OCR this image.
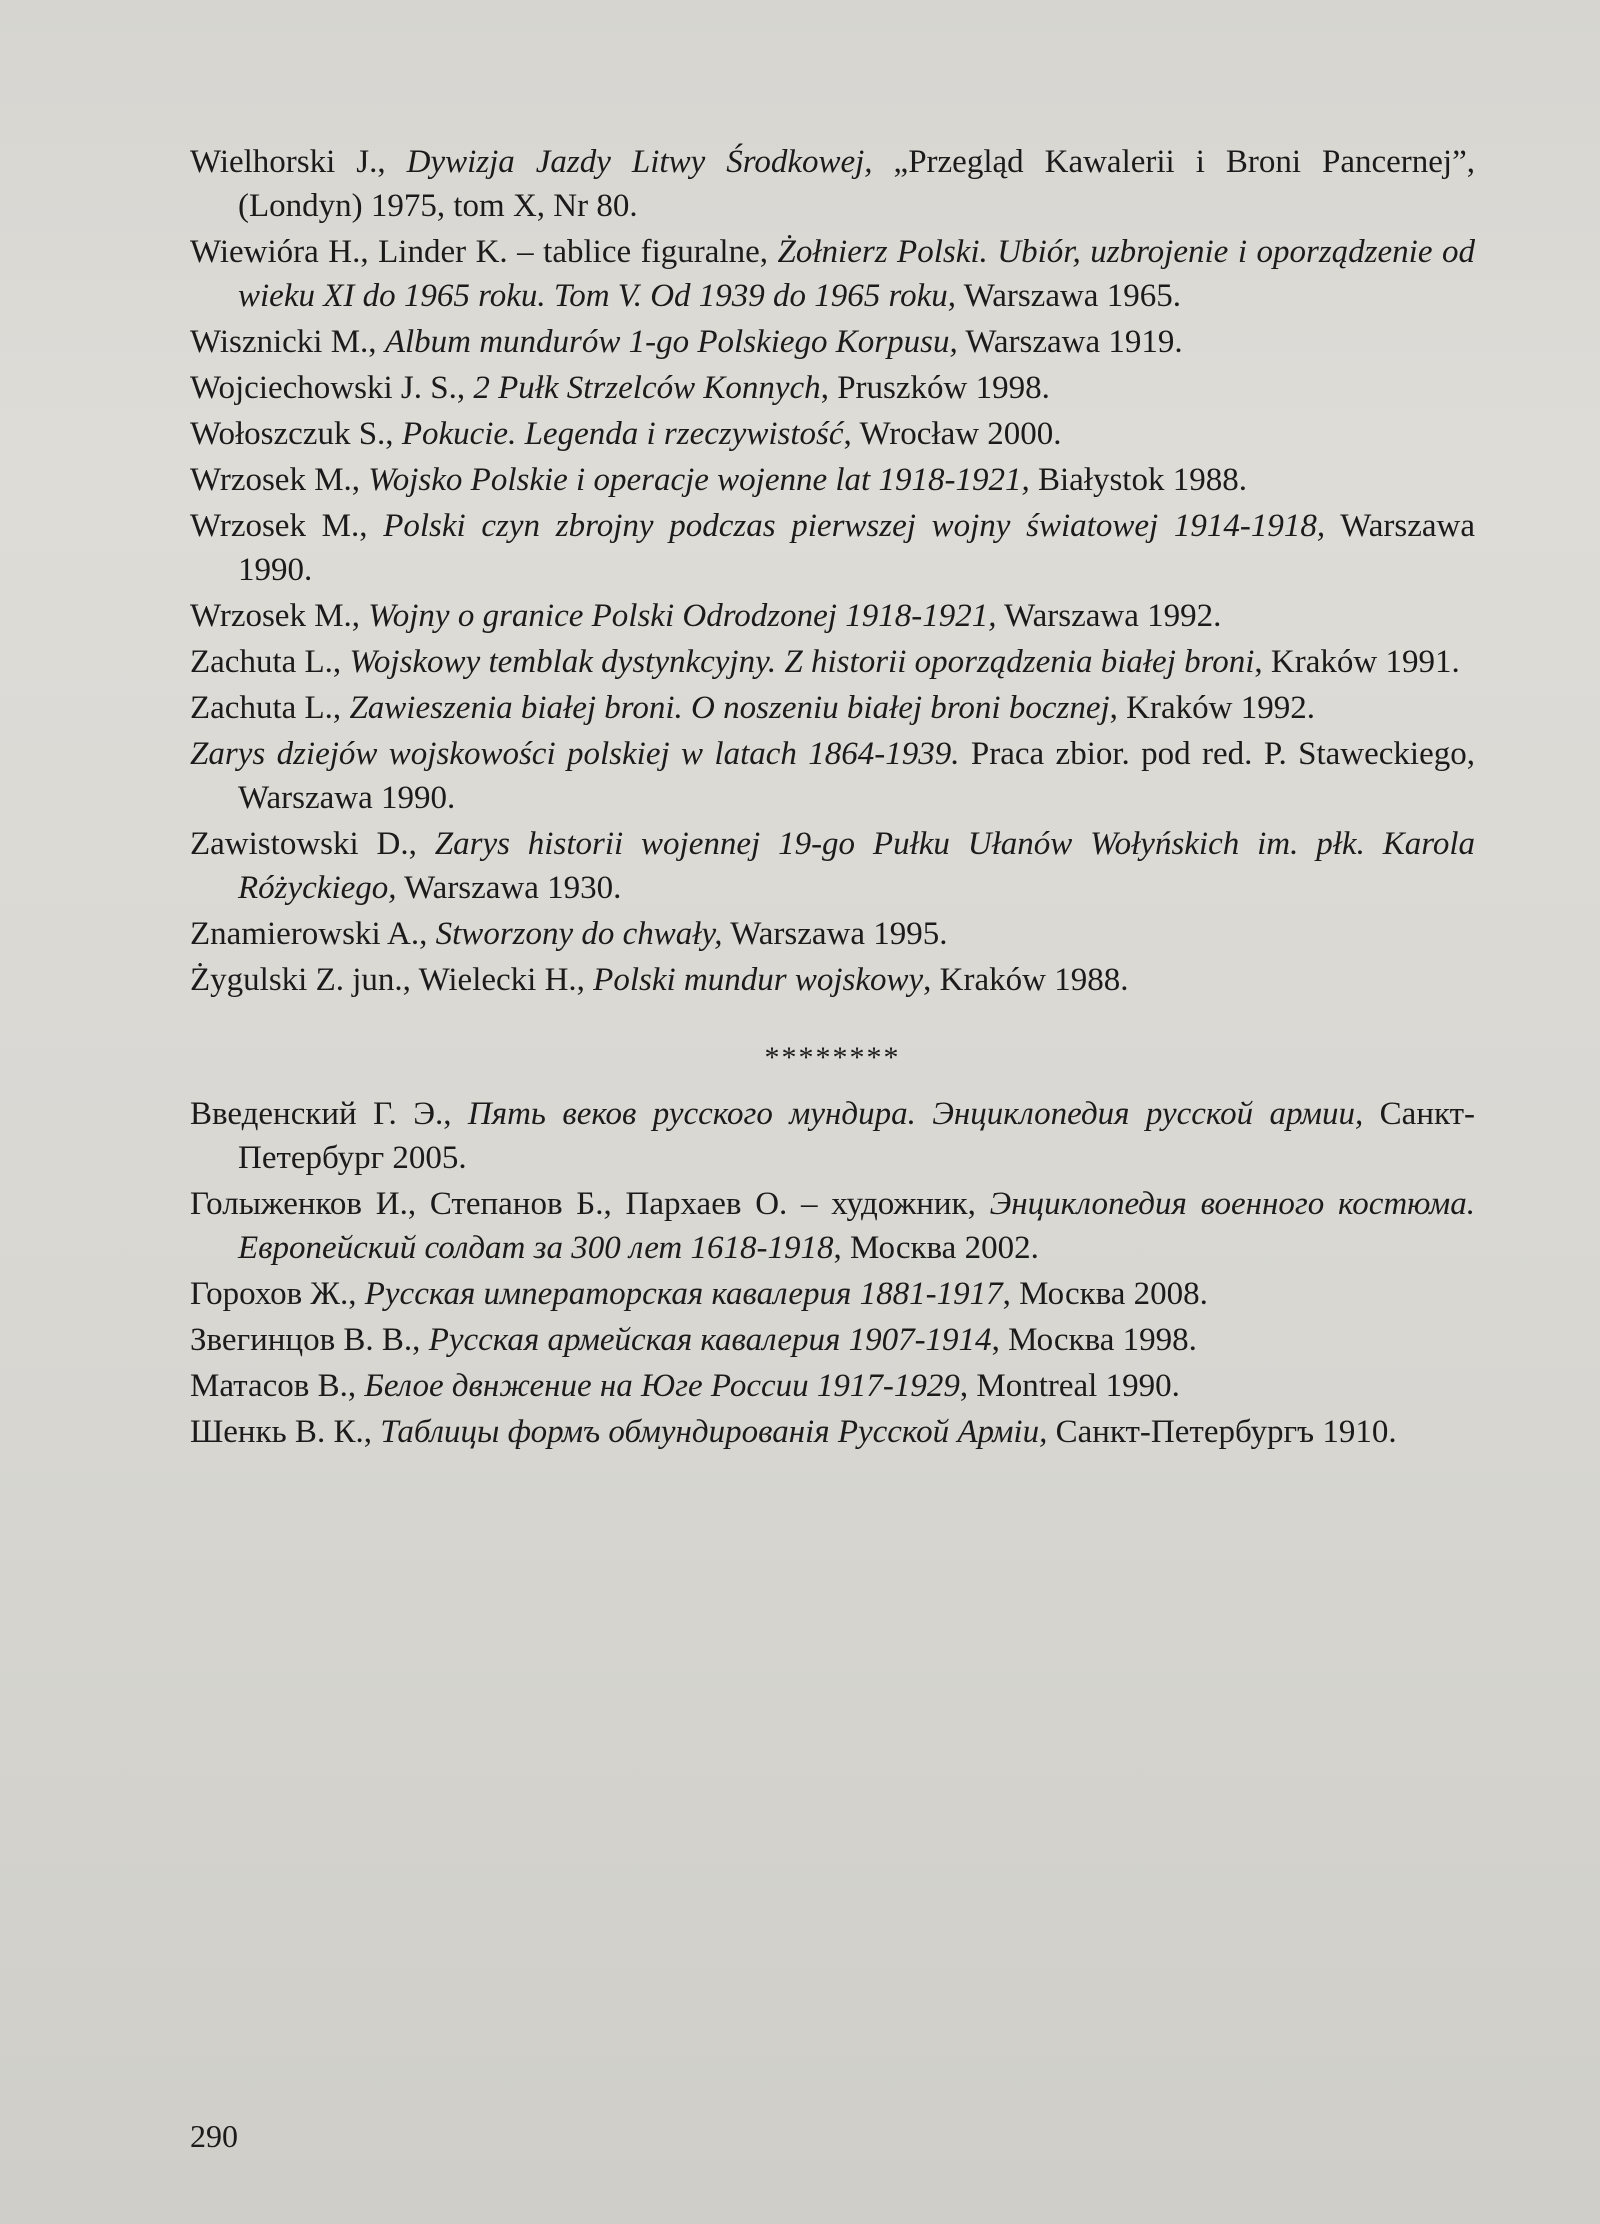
Wielhorski J., Dywizja Jazdy Litwy Środkowej, „Przegląd Kawalerii i Broni Pancernej”, (Londyn) 1975, tom X, Nr 80.

Wiewióra H., Linder K. – tablice figuralne, Żołnierz Polski. Ubiór, uzbrojenie i oporządzenie od wieku XI do 1965 roku. Tom V. Od 1939 do 1965 roku, Warszawa 1965.

Wisznicki M., Album mundurów 1-go Polskiego Korpusu, Warszawa 1919.

Wojciechowski J. S., 2 Pułk Strzelców Konnych, Pruszków 1998.

Wołoszczuk S., Pokucie. Legenda i rzeczywistość, Wrocław 2000.

Wrzosek M., Wojsko Polskie i operacje wojenne lat 1918-1921, Białystok 1988.

Wrzosek M., Polski czyn zbrojny podczas pierwszej wojny światowej 1914-1918, Warszawa 1990.

Wrzosek M., Wojny o granice Polski Odrodzonej 1918-1921, Warszawa 1992.

Zachuta L., Wojskowy temblak dystynkcyjny. Z historii oporządzenia białej broni, Kraków 1991.

Zachuta L., Zawieszenia białej broni. O noszeniu białej broni bocznej, Kraków 1992.

Zarys dziejów wojskowości polskiej w latach 1864-1939. Praca zbior. pod red. P. Staweckiego, Warszawa 1990.

Zawistowski D., Zarys historii wojennej 19-go Pułku Ułanów Wołyńskich im. płk. Karola Różyckiego, Warszawa 1930.

Znamierowski A., Stworzony do chwały, Warszawa 1995.

Żygulski Z. jun., Wielecki H., Polski mundur wojskowy, Kraków 1988.

********

Введенский Г. Э., Пять веков русского мундира. Энциклопедия русской армии, Санкт-Петербург 2005.

Голыженков И., Степанов Б., Пархаев О. – художник, Энциклопедия военного костюма. Европейский солдат за 300 лет 1618-1918, Москва 2002.

Горохов Ж., Русская императорская кавалерия 1881-1917, Москва 2008.

Звегинцов В. В., Русская армейская кавалерия 1907-1914, Москва 1998.

Матасов В., Белое двнжение на Юге России 1917-1929, Montreal 1990.

Шенкь В. К., Таблицы формъ обмундированія Русской Арміи, Санкт-Петербургъ 1910.

290
